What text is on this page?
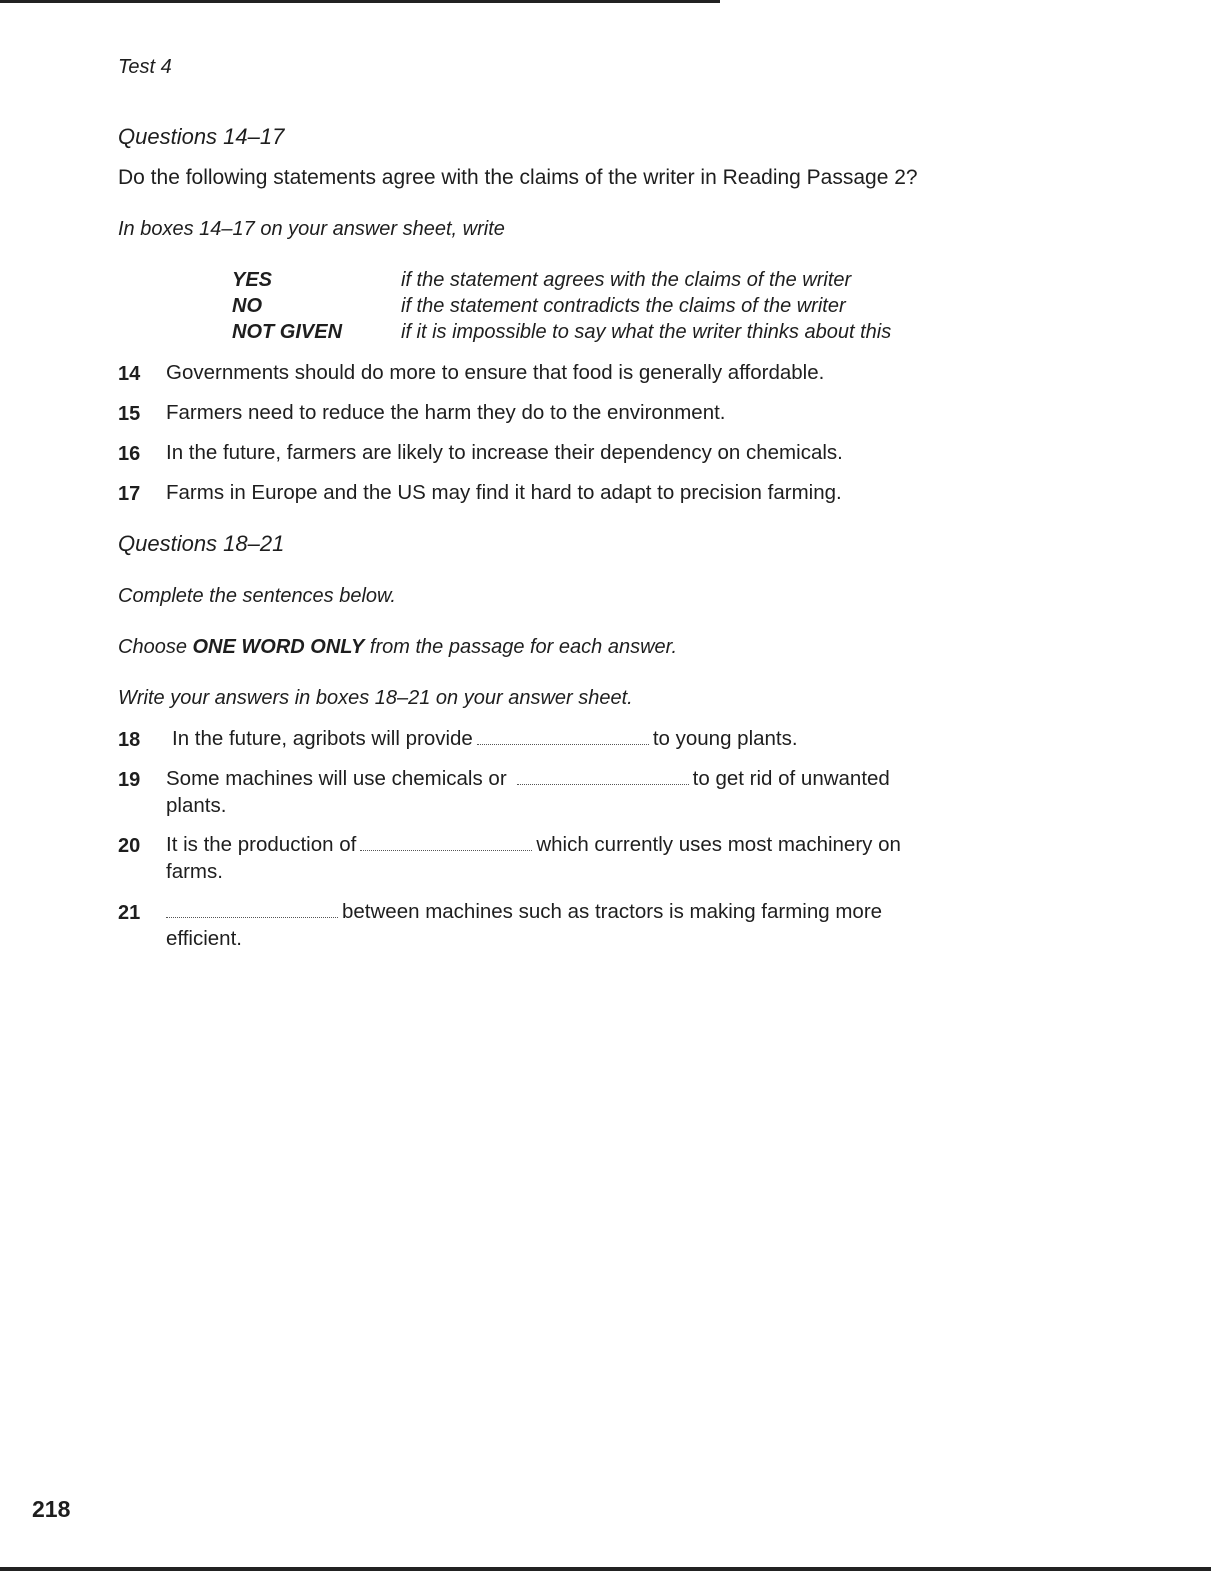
Test 4
Questions 14–17
Do the following statements agree with the claims of the writer in Reading Passage 2?
In boxes 14–17 on your answer sheet, write
YES	if the statement agrees with the claims of the writer
NO	if the statement contradicts the claims of the writer
NOT GIVEN	if it is impossible to say what the writer thinks about this
14 Governments should do more to ensure that food is generally affordable.
15 Farmers need to reduce the harm they do to the environment.
16 In the future, farmers are likely to increase their dependency on chemicals.
17 Farms in Europe and the US may find it hard to adapt to precision farming.
Questions 18–21
Complete the sentences below.
Choose ONE WORD ONLY from the passage for each answer.
Write your answers in boxes 18–21 on your answer sheet.
18 In the future, agribots will provide	to young plants.
19 Some machines will use chemicals or	to get rid of unwanted
plants.
20 It is the production of	which currently uses most machinery on
farms.
21	between machines such as tractors is making farming more
efficient.
218
